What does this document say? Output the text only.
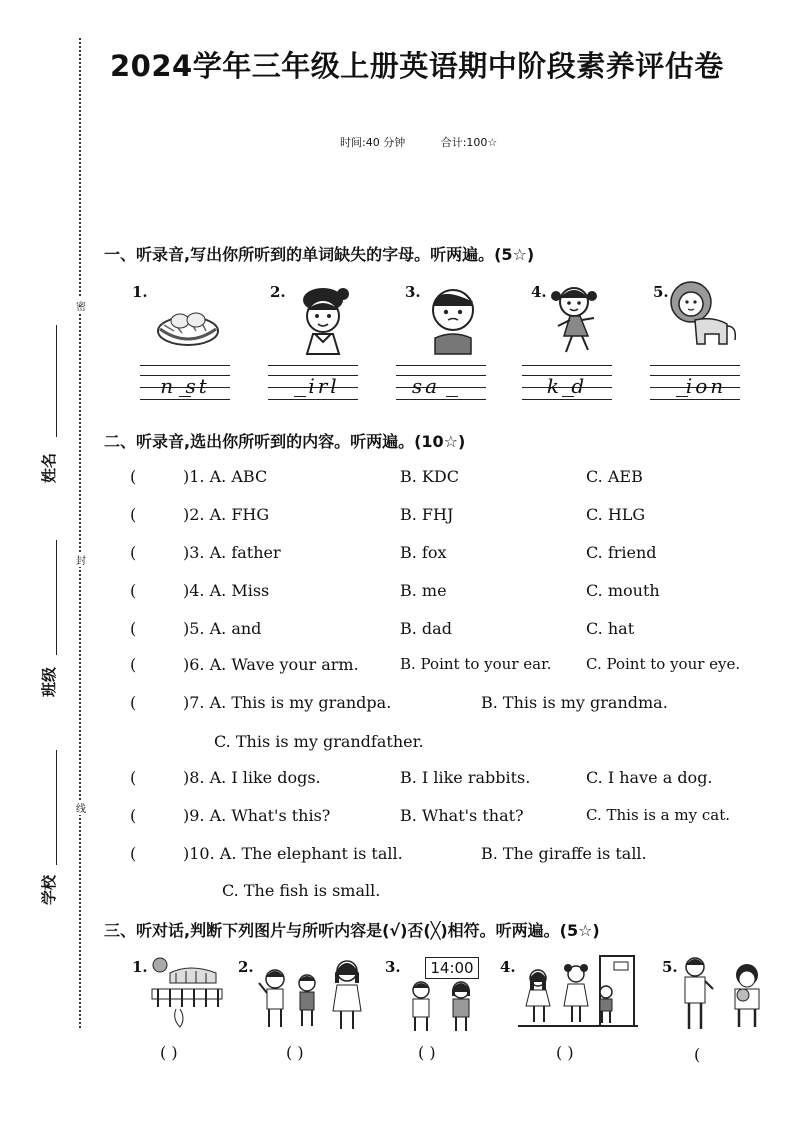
密
封
线
姓名
班级
学校
2024学年三年级上册英语期中阶段素养评估卷
时间:40 分钟	合计:100☆
一、听录音,写出你所听到的单词缺失的字母。听两遍。(5☆)
1.
n st
2.
irl
3.
sa
4.
k d
5.
ion
二、听录音,选出你所听到的内容。听两遍。(10☆)
(	)1. A. ABC	B. KDC	C. AEB
(	)2. A. FHG	B. FHJ	C. HLG
(	)3. A. father	B. fox	C. friend
(	)4. A. Miss	B. me	C. mouth
(	)5. A. and	B. dad	C. hat
(	)6. A. Wave your arm.	B. Point to your ear. C. Point to your eye.
(	)7. A. This is my grandpa.	B. This is my grandma.
C. This is my grandfather.
(	)8. A. I like dogs.	B. I like rabbits.	C. I have a dog.
(	)9. A. What's this?	B. What's that?	C. This is a my cat.
(	)10. A. The elephant is tall.	B. The giraffe is tall.
C. The fish is small.
三、听对话,判断下列图片与所听内容是(√)否(╳)相符。听两遍。(5☆)
1.
( )
2.
( )
3.	14:00
( )
4.
( )
5.
(
